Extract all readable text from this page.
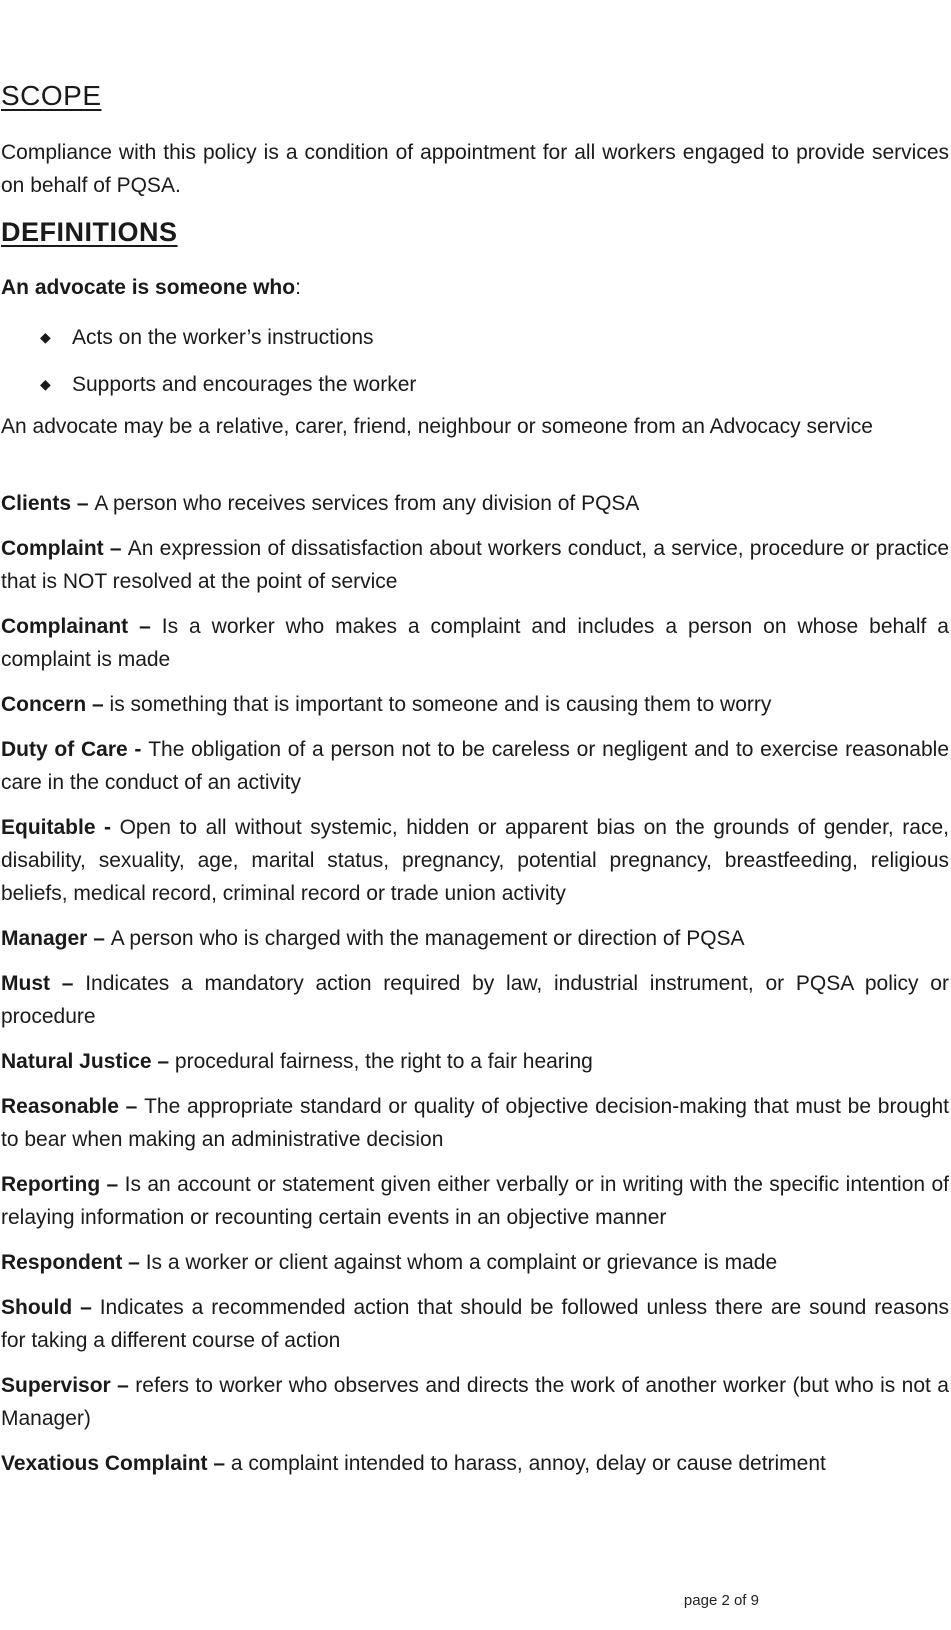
SCOPE

Compliance with this policy is a condition of appointment for all workers engaged to provide services on behalf of PQSA.

DEFINITIONS

An advocate is someone who:

◆ Acts on the worker’s instructions
◆ Supports and encourages the worker

An advocate may be a relative, carer, friend, neighbour or someone from an Advocacy service

Clients – A person who receives services from any division of PQSA
Complaint – An expression of dissatisfaction about workers conduct, a service, procedure or practice that is NOT resolved at the point of service
Complainant – Is a worker who makes a complaint and includes a person on whose behalf a complaint is made
Concern – is something that is important to someone and is causing them to worry
Duty of Care - The obligation of a person not to be careless or negligent and to exercise reasonable care in the conduct of an activity
Equitable - Open to all without systemic, hidden or apparent bias on the grounds of gender, race, disability, sexuality, age, marital status, pregnancy, potential pregnancy, breastfeeding, religious beliefs, medical record, criminal record or trade union activity
Manager – A person who is charged with the management or direction of PQSA
Must – Indicates a mandatory action required by law, industrial instrument, or PQSA policy or procedure
Natural Justice – procedural fairness, the right to a fair hearing
Reasonable – The appropriate standard or quality of objective decision-making that must be brought to bear when making an administrative decision
Reporting – Is an account or statement given either verbally or in writing with the specific intention of relaying information or recounting certain events in an objective manner
Respondent – Is a worker or client against whom a complaint or grievance is made
Should – Indicates a recommended action that should be followed unless there are sound reasons for taking a different course of action
Supervisor – refers to worker who observes and directs the work of another worker (but who is not a Manager)
Vexatious Complaint – a complaint intended to harass, annoy, delay or cause detriment
page 2 of 9
